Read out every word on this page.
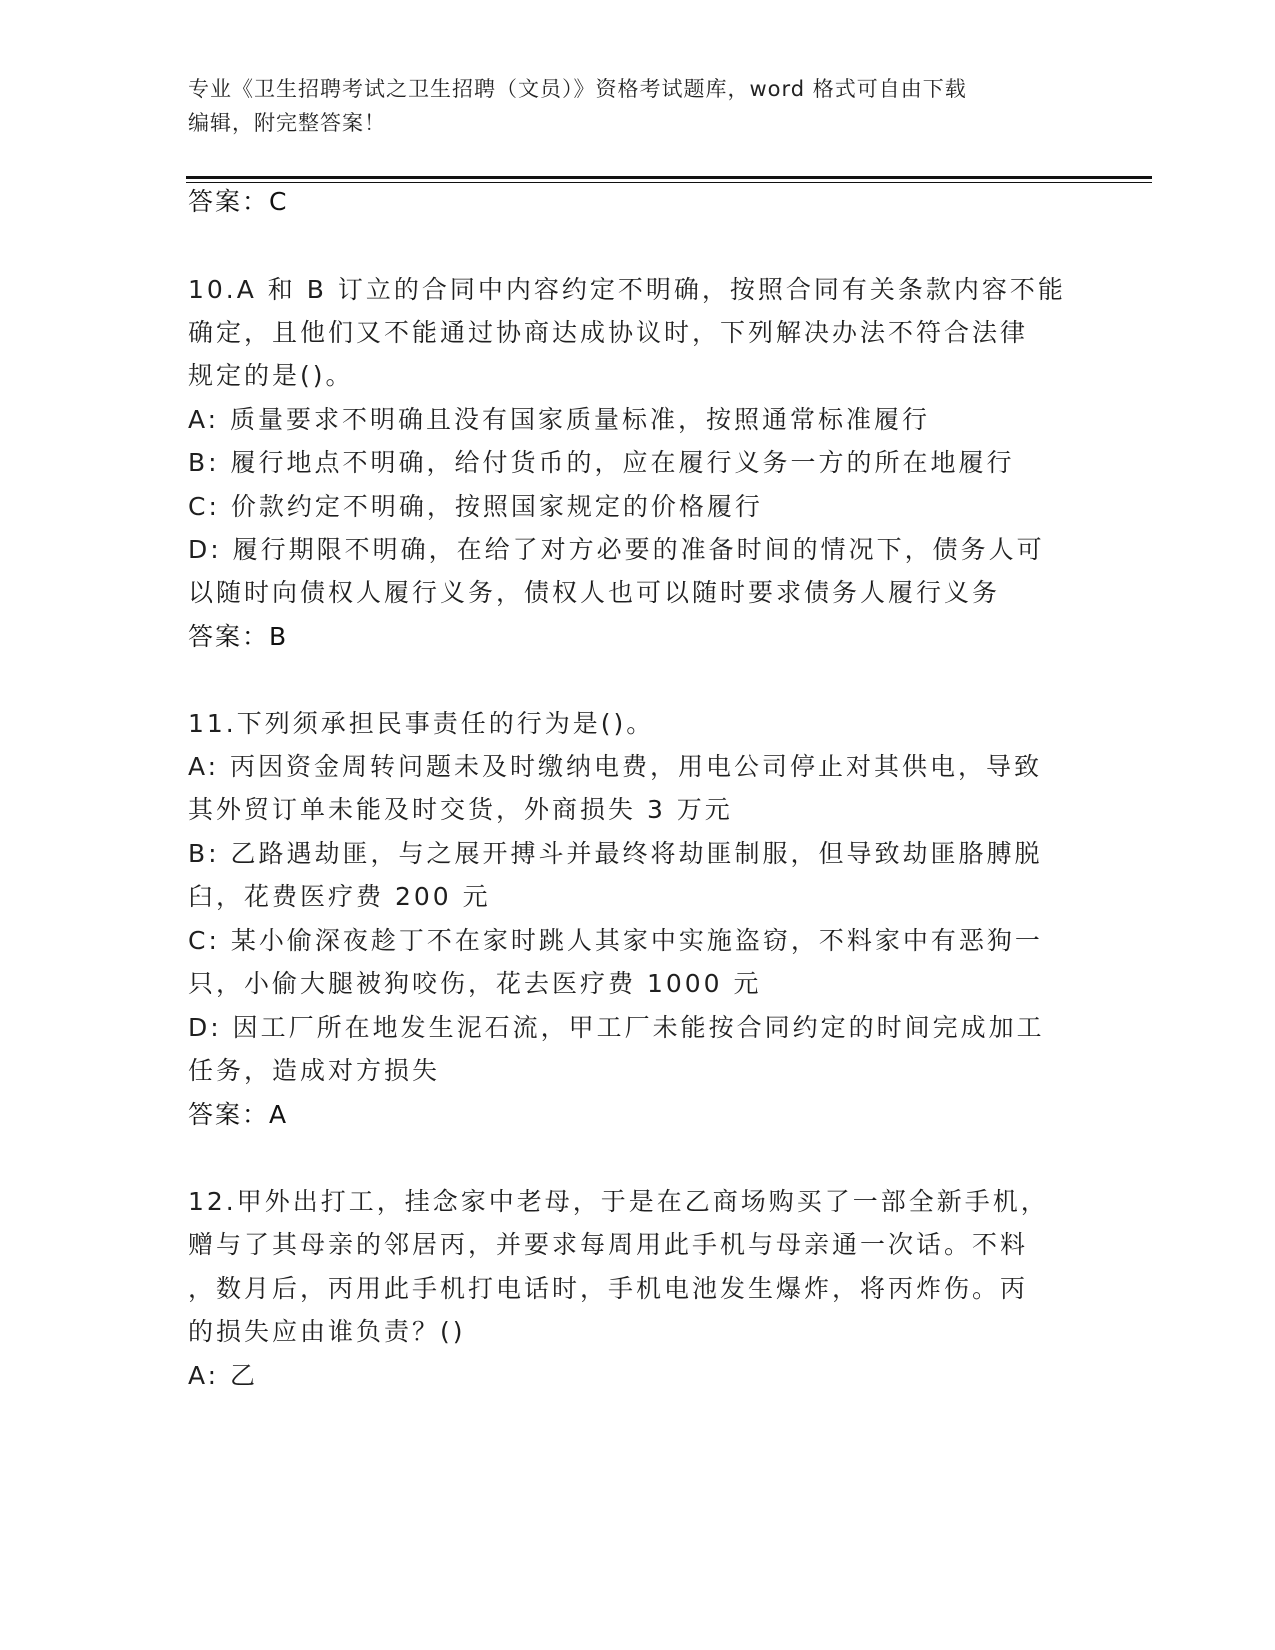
专业《卫生招聘考试之卫生招聘（文员）》资格考试题库，word 格式可自由下载
编辑，附完整答案！
答案：C
10.A 和 B 订立的合同中内容约定不明确，按照合同有关条款内容不能
确定，且他们又不能通过协商达成协议时，下列解决办法不符合法律
规定的是()。
A: 质量要求不明确且没有国家质量标准，按照通常标准履行
B: 履行地点不明确，给付货币的，应在履行义务一方的所在地履行
C: 价款约定不明确，按照国家规定的价格履行
D: 履行期限不明确，在给了对方必要的准备时间的情况下，债务人可
以随时向债权人履行义务，债权人也可以随时要求债务人履行义务
答案：B
11.下列须承担民事责任的行为是()。
A: 丙因资金周转问题未及时缴纳电费，用电公司停止对其供电，导致
其外贸订单未能及时交货，外商损失 3 万元
B: 乙路遇劫匪，与之展开搏斗并最终将劫匪制服，但导致劫匪胳膊脱
臼，花费医疗费 200 元
C: 某小偷深夜趁丁不在家时跳人其家中实施盗窃，不料家中有恶狗一
只，小偷大腿被狗咬伤，花去医疗费 1000 元
D: 因工厂所在地发生泥石流，甲工厂未能按合同约定的时间完成加工
任务，造成对方损失
答案：A
12.甲外出打工，挂念家中老母，于是在乙商场购买了一部全新手机，
赠与了其母亲的邻居丙，并要求每周用此手机与母亲通一次话。不料
，数月后，丙用此手机打电话时，手机电池发生爆炸，将丙炸伤。丙
的损失应由谁负责？()
A: 乙
